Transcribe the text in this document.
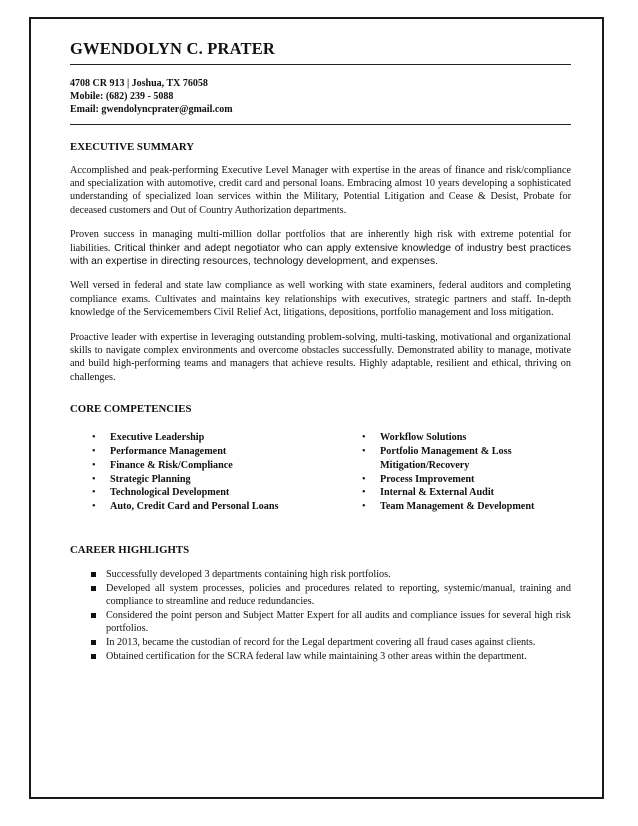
GWENDOLYN C. PRATER
4708 CR 913 | Joshua, TX 76058
Mobile: (682) 239 - 5088
Email: gwendolyncprater@gmail.com
EXECUTIVE SUMMARY

Accomplished and peak-performing Executive Level Manager with expertise in the areas of finance and risk/compliance and specialization with automotive, credit card and personal loans. Embracing almost 10 years developing a sophisticated understanding of specialized loan services within the Military, Potential Litigation and Cease & Desist, Probate for deceased customers and Out of Country Authorization departments.

Proven success in managing multi-million dollar portfolios that are inherently high risk with extreme potential for liabilities. Critical thinker and adept negotiator who can apply extensive knowledge of industry best practices with an expertise in directing resources, technology development, and expenses.

Well versed in federal and state law compliance as well working with state examiners, federal auditors and completing compliance exams. Cultivates and maintains key relationships with executives, strategic partners and staff. In-depth knowledge of the Servicemembers Civil Relief Act, litigations, depositions, portfolio management and loss mitigation.

Proactive leader with expertise in leveraging outstanding problem-solving, multi-tasking, motivational and organizational skills to navigate complex environments and overcome obstacles successfully. Demonstrated ability to manage, motivate and build high-performing teams and managers that achieve results. Highly adaptable, resilient and ethical, thriving on challenges.

CORE COMPETENCIES
• Executive Leadership
• Performance Management
• Finance & Risk/Compliance
• Strategic Planning
• Technological Development
• Auto, Credit Card and Personal Loans
• Workflow Solutions
• Portfolio Management & Loss Mitigation/Recovery
• Process Improvement
• Internal & External Audit
• Team Management & Development
CAREER HIGHLIGHTS
Successfully developed 3 departments containing high risk portfolios.
Developed all system processes, policies and procedures related to reporting, systemic/manual, training and compliance to streamline and reduce redundancies.
Considered the point person and Subject Matter Expert for all audits and compliance issues for several high risk portfolios.
In 2013, became the custodian of record for the Legal department covering all fraud cases against clients.
Obtained certification for the SCRA federal law while maintaining 3 other areas within the department.
